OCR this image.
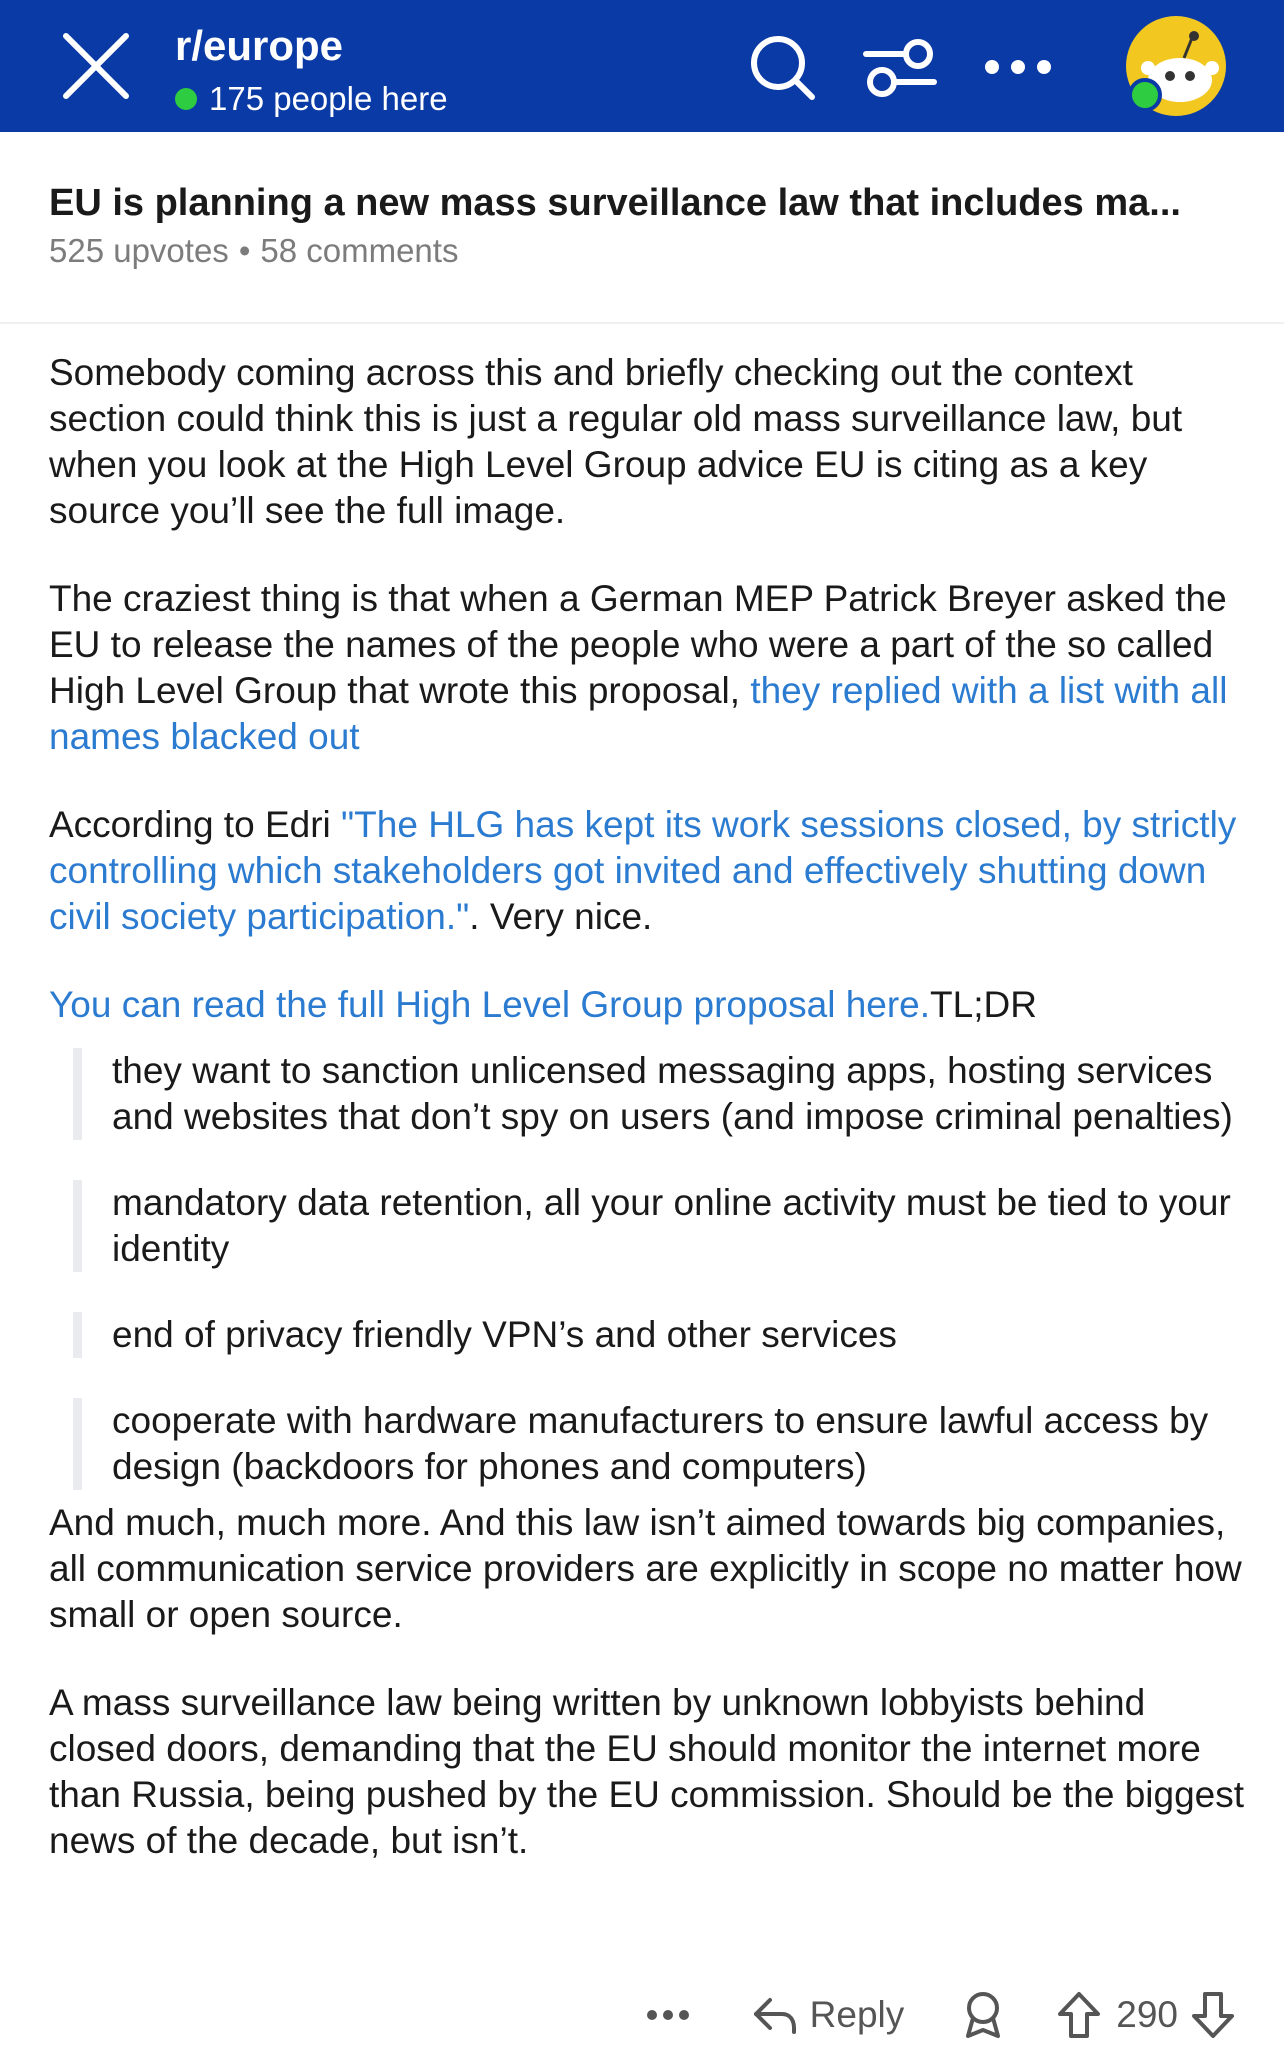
r/europe
175 people here
EU is planning a new mass surveillance law that includes ma...
525 upvotes • 58 comments

Somebody coming across this and briefly checking out the context section could think this is just a regular old mass surveillance law, but when you look at the High Level Group advice EU is citing as a key source you’ll see the full image.

The craziest thing is that when a German MEP Patrick Breyer asked the EU to release the names of the people who were a part of the so called High Level Group that wrote this proposal, they replied with a list with all names blacked out

According to Edri "The HLG has kept its work sessions closed, by strictly controlling which stakeholders got invited and effectively shutting down civil society participation.". Very nice.

You can read the full High Level Group proposal here.TL;DR

they want to sanction unlicensed messaging apps, hosting services and websites that don’t spy on users (and impose criminal penalties)

mandatory data retention, all your online activity must be tied to your identity

end of privacy friendly VPN’s and other services

cooperate with hardware manufacturers to ensure lawful access by design (backdoors for phones and computers)

And much, much more. And this law isn’t aimed towards big companies, all communication service providers are explicitly in scope no matter how small or open source.

A mass surveillance law being written by unknown lobbyists behind closed doors, demanding that the EU should monitor the internet more than Russia, being pushed by the EU commission. Should be the biggest news of the decade, but isn’t.

Reply	290
